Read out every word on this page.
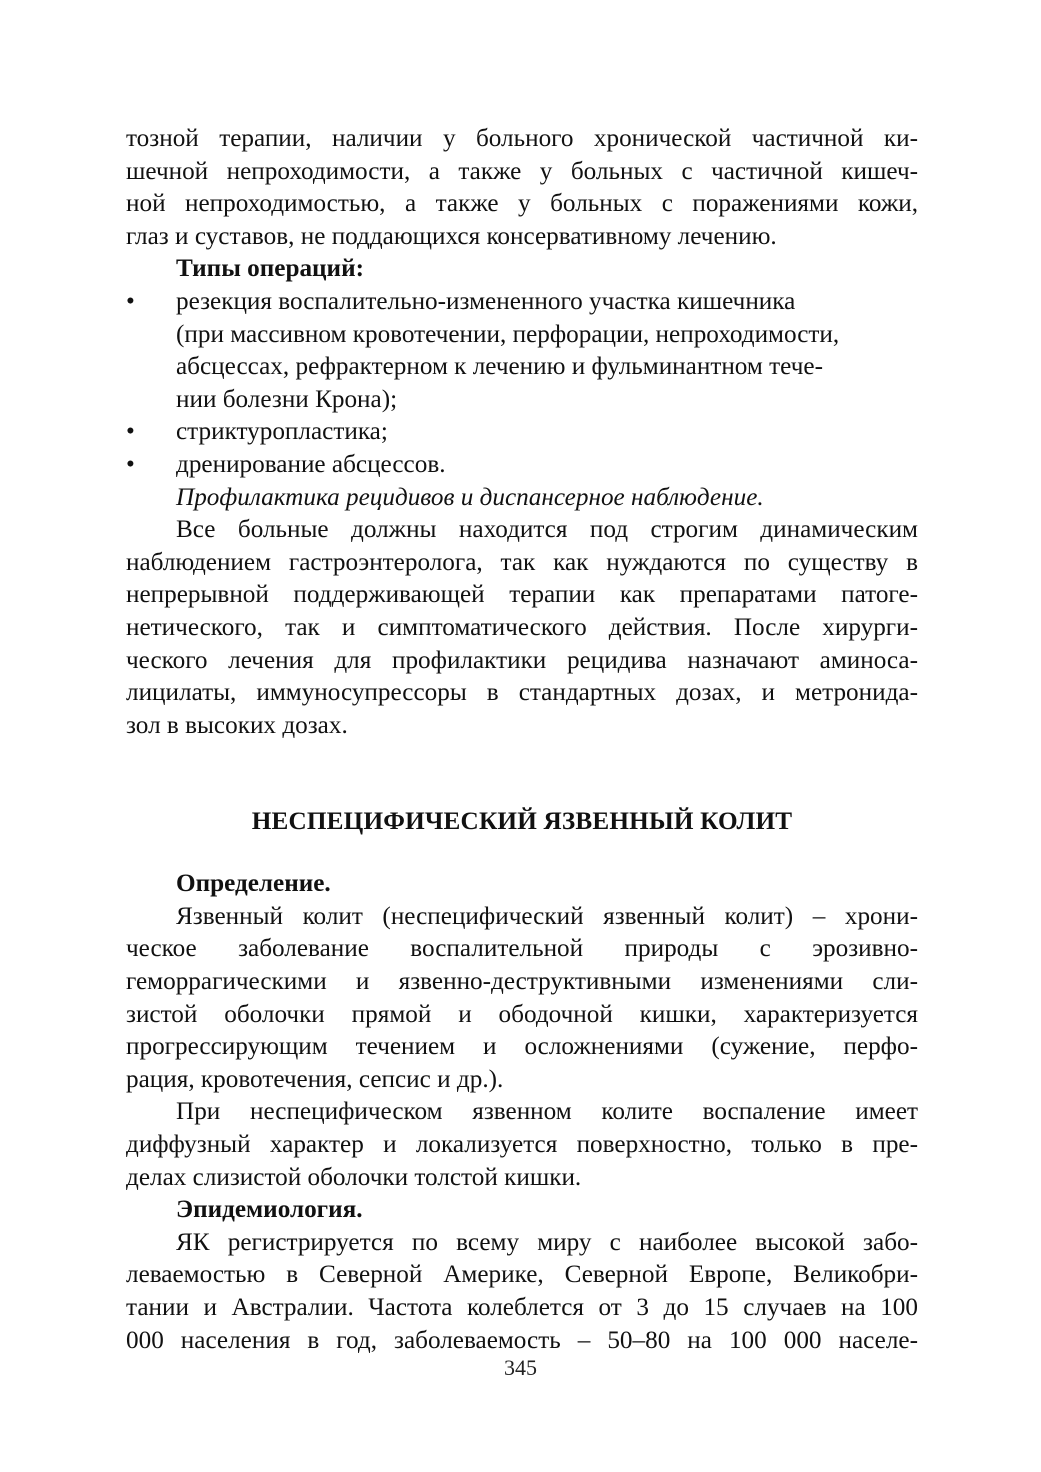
тозной терапии, наличии у больного хронической частичной ки-
шечной непроходимости, а также у больных с частичной кишеч-
ной непроходимостью, а также у больных с поражениями кожи,
глаз и суставов, не поддающихся консервативному лечению.
Типы операций:
• резекция воспалительно-измененного участка кишечника
(при массивном кровотечении, перфорации, непроходимости,
абсцессах, рефрактерном к лечению и фульминантном тече-
нии болезни Крона);
• стриктуропластика;
• дренирование абсцессов.
Профилактика рецидивов и диспансерное наблюдение.
Все больные должны находится под строгим динамическим
наблюдением гастроэнтеролога, так как нуждаются по существу в
непрерывной поддерживающей терапии как препаратами патоге-
нетического, так и симптоматического действия. После хирурги-
ческого лечения для профилактики рецидива назначают аминоса-
лицилаты, иммуносупрессоры в стандартных дозах, и метронида-
зол в высоких дозах.
НЕСПЕЦИФИЧЕСКИЙ ЯЗВЕННЫЙ КОЛИТ
Определение.
Язвенный колит (неспецифический язвенный колит) – хрони-
ческое заболевание воспалительной природы с эрозивно-
геморрагическими и язвенно-деструктивными изменениями сли-
зистой оболочки прямой и ободочной кишки, характеризуется
прогрессирующим течением и осложнениями (сужение, перфо-
рация, кровотечения, сепсис и др.).
При неспецифическом язвенном колите воспаление имеет
диффузный характер и локализуется поверхностно, только в пре-
делах слизистой оболочки толстой кишки.
Эпидемиология.
ЯК регистрируется по всему миру с наиболее высокой забо-
леваемостью в Северной Америке, Северной Европе, Великобри-
тании и Австралии. Частота колеблется от 3 до 15 случаев на 100
000 населения в год, заболеваемость – 50–80 на 100 000 населе-
345
